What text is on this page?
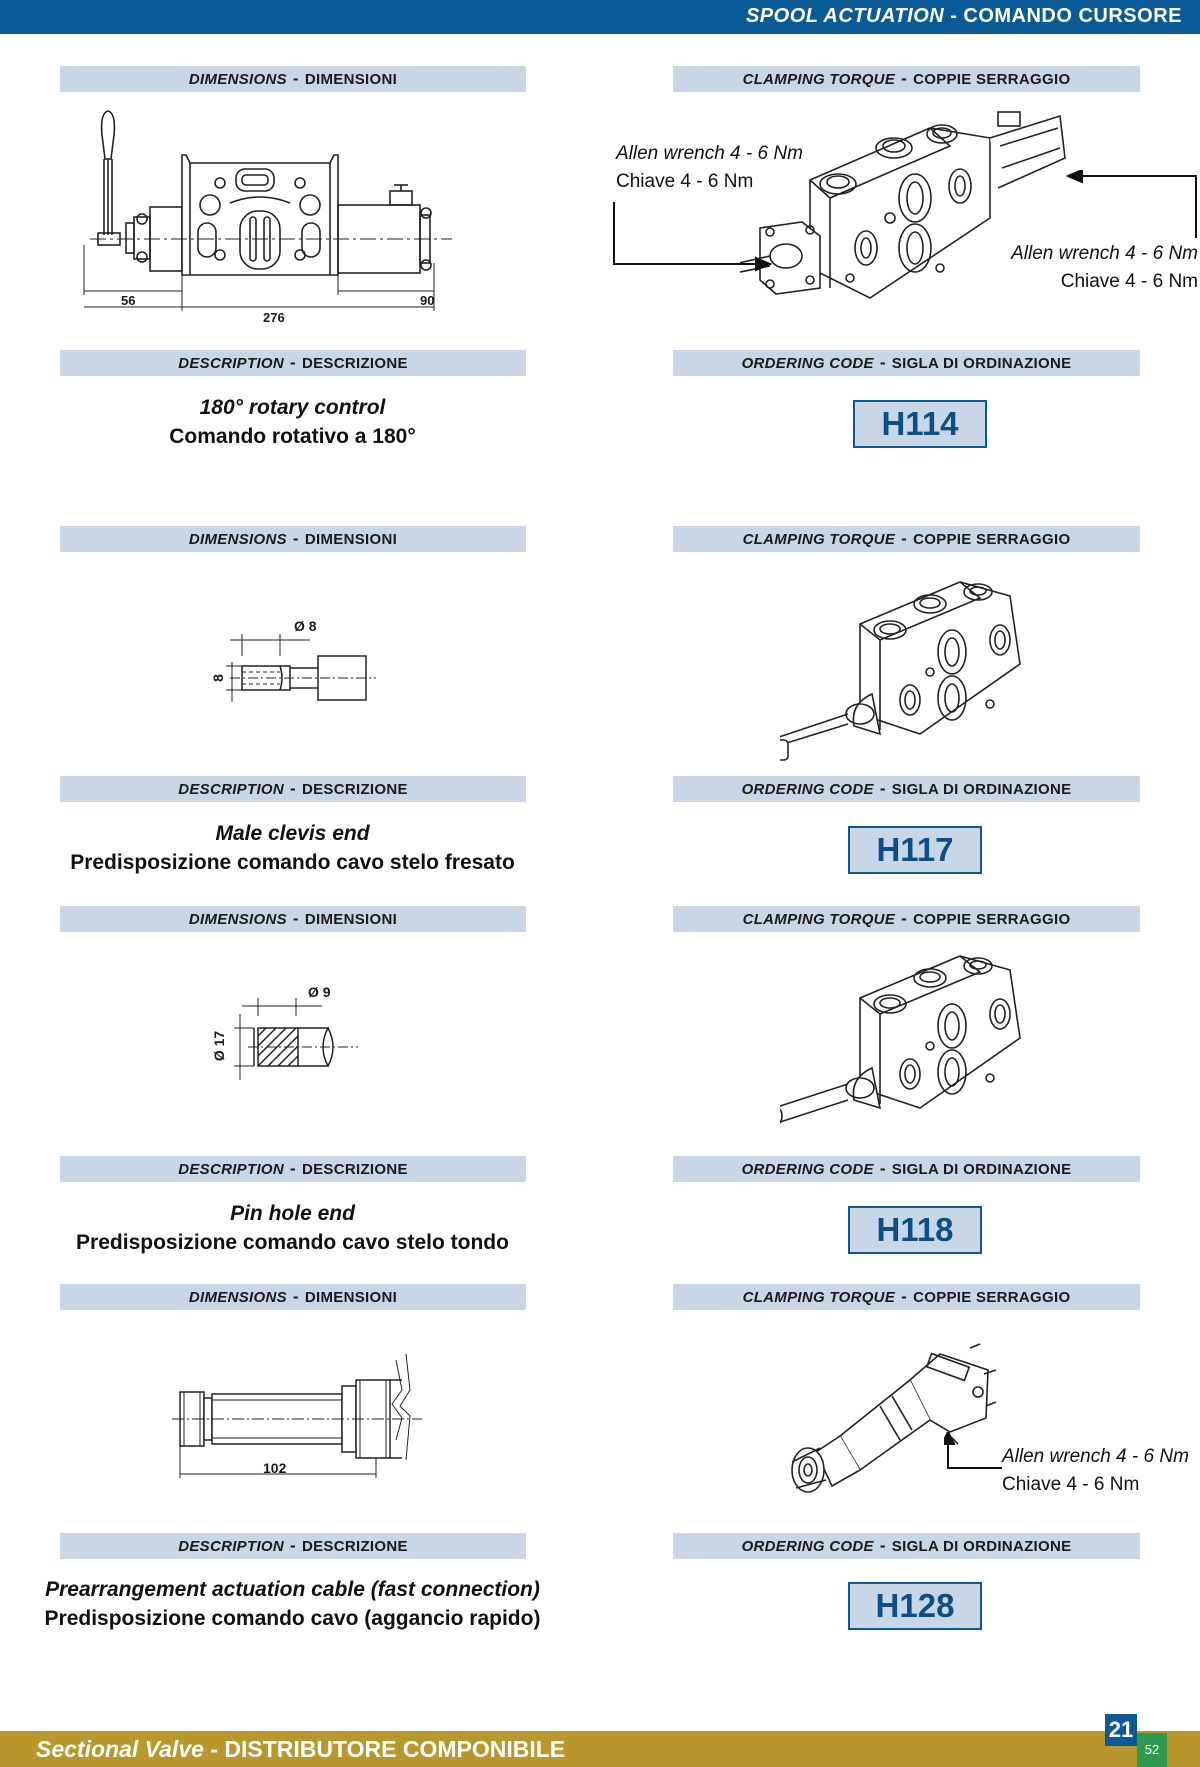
SPOOL ACTUATION - COMANDO CURSORE
DIMENSIONS - DIMENSIONI	CLAMPING TORQUE - COPPIE SERRAGGIO
56
276
90
Allen wrench 4 - 6 Nm
Chiave 4 - 6 Nm
Allen wrench 4 - 6 Nm
Chiave 4 - 6 Nm
DESCRIPTION - DESCRIZIONE	ORDERING CODE - SIGLA DI ORDINAZIONE
180° rotary control
Comando rotativo a 180°	H114
DIMENSIONS - DIMENSIONI	CLAMPING TORQUE - COPPIE SERRAGGIO
Ø 8
8
DESCRIPTION - DESCRIZIONE	ORDERING CODE - SIGLA DI ORDINAZIONE
Male clevis end
Predisposizione comando cavo stelo fresato	H117
DIMENSIONS - DIMENSIONI	CLAMPING TORQUE - COPPIE SERRAGGIO
Ø 9
Ø 17
DESCRIPTION - DESCRIZIONE	ORDERING CODE - SIGLA DI ORDINAZIONE
Pin hole end
Predisposizione comando cavo stelo tondo	H118
DIMENSIONS - DIMENSIONI	CLAMPING TORQUE - COPPIE SERRAGGIO
102
Allen wrench 4 - 6 Nm
Chiave 4 - 6 Nm
DESCRIPTION - DESCRIZIONE	ORDERING CODE - SIGLA DI ORDINAZIONE
Prearrangement actuation cable (fast connection)
Predisposizione comando cavo (aggancio rapido)	H128
Sectional Valve - DISTRIBUTORE COMPONIBILE
21
52
